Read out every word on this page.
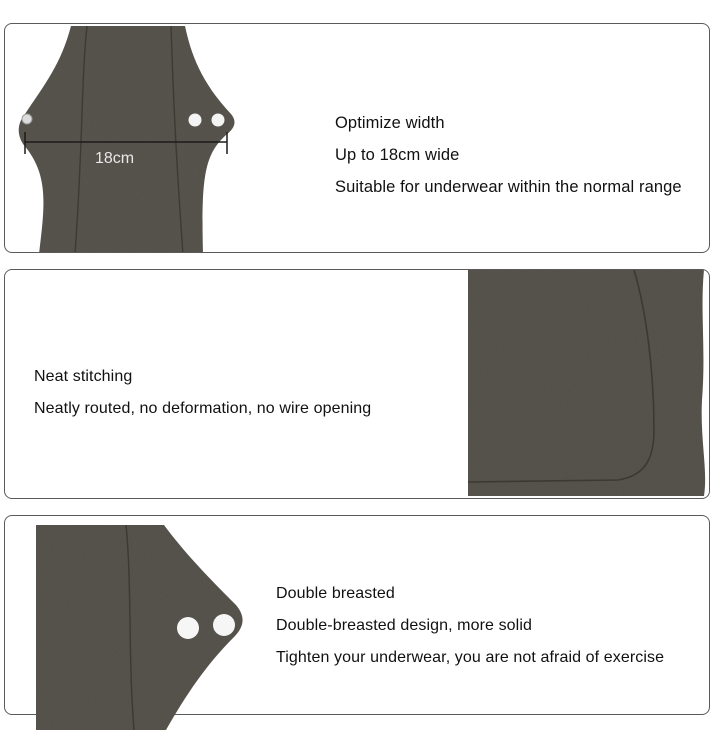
18cm
Optimize width
Up to 18cm wide
Suitable for underwear within the normal range
Neat stitching
Neatly routed, no deformation, no wire opening
Double breasted
Double-breasted design, more solid
Tighten your underwear, you are not afraid of exercise
